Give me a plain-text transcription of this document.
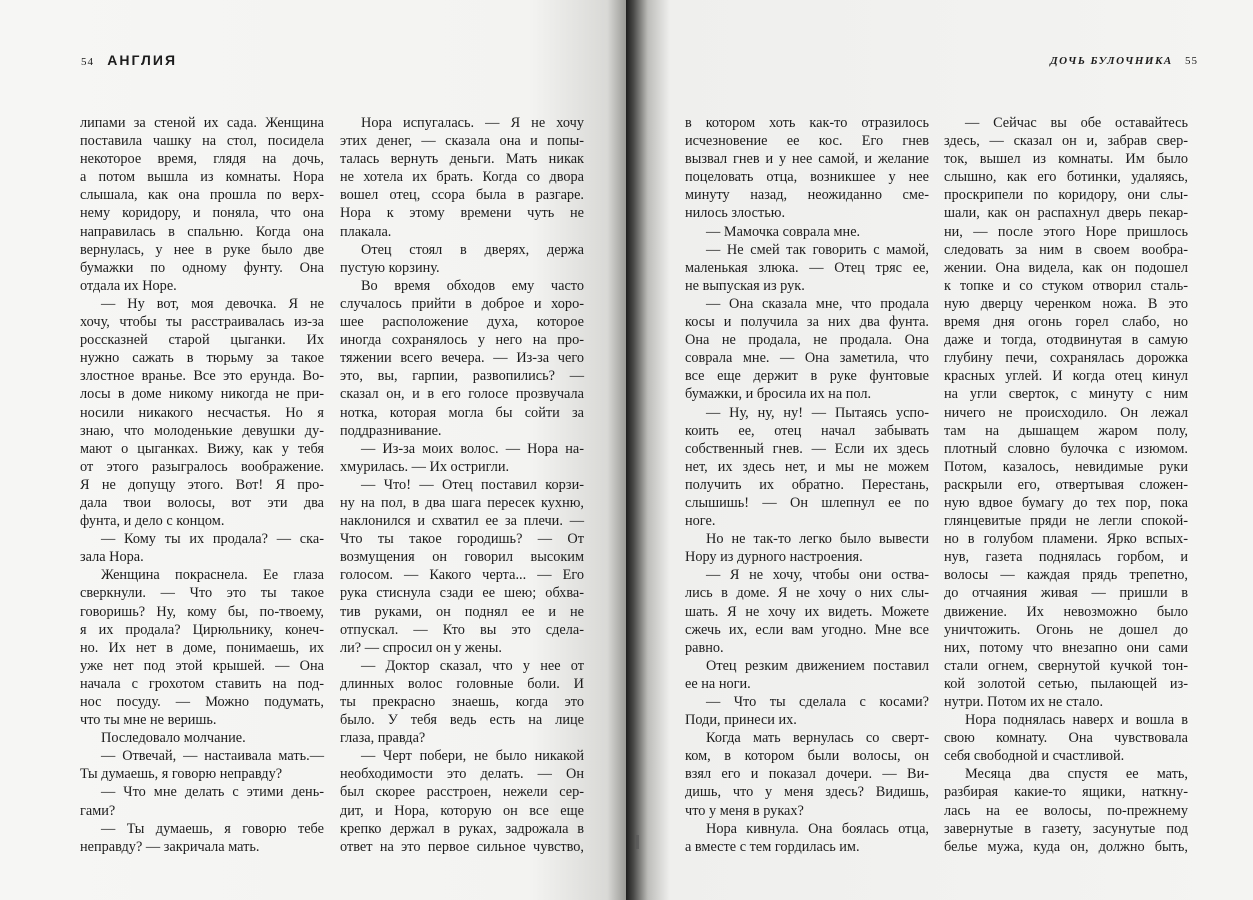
54 АНГЛИЯ
липами за стеной их сада. Женщина
поставила чашку на стол, посидела
некоторое время, глядя на дочь,
а потом вышла из комнаты. Нора
слышала, как она прошла по верх-
нему коридору, и поняла, что она
направилась в спальню. Когда она
вернулась, у нее в руке было две
бумажки по одному фунту. Она
отдала их Норе.
— Ну вот, моя девочка. Я не
хочу, чтобы ты расстраивалась из-за
россказней старой цыганки. Их
нужно сажать в тюрьму за такое
злостное вранье. Все это ерунда. Во-
лосы в доме никому никогда не при-
носили никакого несчастья. Но я
знаю, что молоденькие девушки ду-
мают о цыганках. Вижу, как у тебя
от этого разыгралось воображение.
Я не допущу этого. Вот! Я про-
дала твои волосы, вот эти два
фунта, и дело с концом.
— Кому ты их продала? — ска-
зала Нора.
Женщина покраснела. Ее глаза
сверкнули. — Что это ты такое
говоришь? Ну, кому бы, по-твоему,
я их продала? Цирюльнику, конеч-
но. Их нет в доме, понимаешь, их
уже нет под этой крышей. — Она
начала с грохотом ставить на под-
нос посуду. — Можно подумать,
что ты мне не веришь.
Последовало молчание.
— Отвечай, — настаивала мать.—
Ты думаешь, я говорю неправду?
— Что мне делать с этими день-
гами?
— Ты думаешь, я говорю тебе
неправду? — закричала мать.
Нора испугалась. — Я не хочу
этих денег, — сказала она и попы-
талась вернуть деньги. Мать никак
не хотела их брать. Когда со двора
вошел отец, ссора была в разгаре.
Нора к этому времени чуть не
плакала.
Отец стоял в дверях, держа
пустую корзину.
Во время обходов ему часто
случалось прийти в доброе и хоро-
шее расположение духа, которое
иногда сохранялось у него на про-
тяжении всего вечера. — Из-за чего
это, вы, гарпии, развопились? —
сказал он, и в его голосе прозвучала
нотка, которая могла бы сойти за
поддразнивание.
— Из-за моих волос. — Нора на-
хмурилась. — Их остригли.
— Что! — Отец поставил корзи-
ну на пол, в два шага пересек кухню,
наклонился и схватил ее за плечи. —
Что ты такое городишь? — От
возмущения он говорил высоким
голосом. — Какого черта... — Его
рука стиснула сзади ее шею; обхва-
тив руками, он поднял ее и не
отпускал. — Кто вы это сдела-
ли? — спросил он у жены.
— Доктор сказал, что у нее от
длинных волос головные боли. И
ты прекрасно знаешь, когда это
было. У тебя ведь есть на лице
глаза, правда?
— Черт побери, не было никакой
необходимости это делать. — Он
был скорее расстроен, нежели сер-
дит, и Нора, которую он все еще
крепко держал в руках, задрожала в
ответ на это первое сильное чувство,
ДОЧЬ БУЛОЧНИКА 55
в котором хоть как-то отразилось
исчезновение ее кос. Его гнев
вызвал гнев и у нее самой, и желание
поцеловать отца, возникшее у нее
минуту назад, неожиданно сме-
нилось злостью.
— Мамочка соврала мне.
— Не смей так говорить с мамой,
маленькая злюка. — Отец тряс ее,
не выпуская из рук.
— Она сказала мне, что продала
косы и получила за них два фунта.
Она не продала, не продала. Она
соврала мне. — Она заметила, что
все еще держит в руке фунтовые
бумажки, и бросила их на пол.
— Ну, ну, ну! — Пытаясь успо-
коить ее, отец начал забывать
собственный гнев. — Если их здесь
нет, их здесь нет, и мы не можем
получить их обратно. Перестань,
слышишь! — Он шлепнул ее по
ноге.
Но не так-то легко было вывести
Нору из дурного настроения.
— Я не хочу, чтобы они оства-
лись в доме. Я не хочу о них слы-
шать. Я не хочу их видеть. Можете
сжечь их, если вам угодно. Мне все
равно.
Отец резким движением поставил
ее на ноги.
— Что ты сделала с косами?
Поди, принеси их.
Когда мать вернулась со сверт-
ком, в котором были волосы, он
взял его и показал дочери. — Ви-
дишь, что у меня здесь? Видишь,
что у меня в руках?
Нора кивнула. Она боялась отца,
а вместе с тем гордилась им.
— Сейчас вы обе оставайтесь
здесь, — сказал он и, забрав свер-
ток, вышел из комнаты. Им было
слышно, как его ботинки, удаляясь,
проскрипели по коридору, они слы-
шали, как он распахнул дверь пекар-
ни, — после этого Норе пришлось
следовать за ним в своем вообра-
жении. Она видела, как он подошел
к топке и со стуком отворил сталь-
ную дверцу черенком ножа. В это
время дня огонь горел слабо, но
даже и тогда, отодвинутая в самую
глубину печи, сохранялась дорожка
красных углей. И когда отец кинул
на угли сверток, с минуту с ним
ничего не происходило. Он лежал
там на дышащем жаром полу,
плотный словно булочка с изюмом.
Потом, казалось, невидимые руки
раскрыли его, отвертывая сложен-
ную вдвое бумагу до тех пор, пока
глянцевитые пряди не легли спокой-
но в голубом пламени. Ярко вспых-
нув, газета поднялась горбом, и
волосы — каждая прядь трепетно,
до отчаяния живая — пришли в
движение. Их невозможно было
уничтожить. Огонь не дошел до
них, потому что внезапно они сами
стали огнем, свернутой кучкой тон-
кой золотой сетью, пылающей из-
нутри. Потом их не стало.
Нора поднялась наверх и вошла в
свою комнату. Она чувствовала
себя свободной и счастливой.
Месяца два спустя ее мать,
разбирая какие-то ящики, наткну-
лась на ее волосы, по-прежнему
завернутые в газету, засунутые под
белье мужа, куда он, должно быть,
